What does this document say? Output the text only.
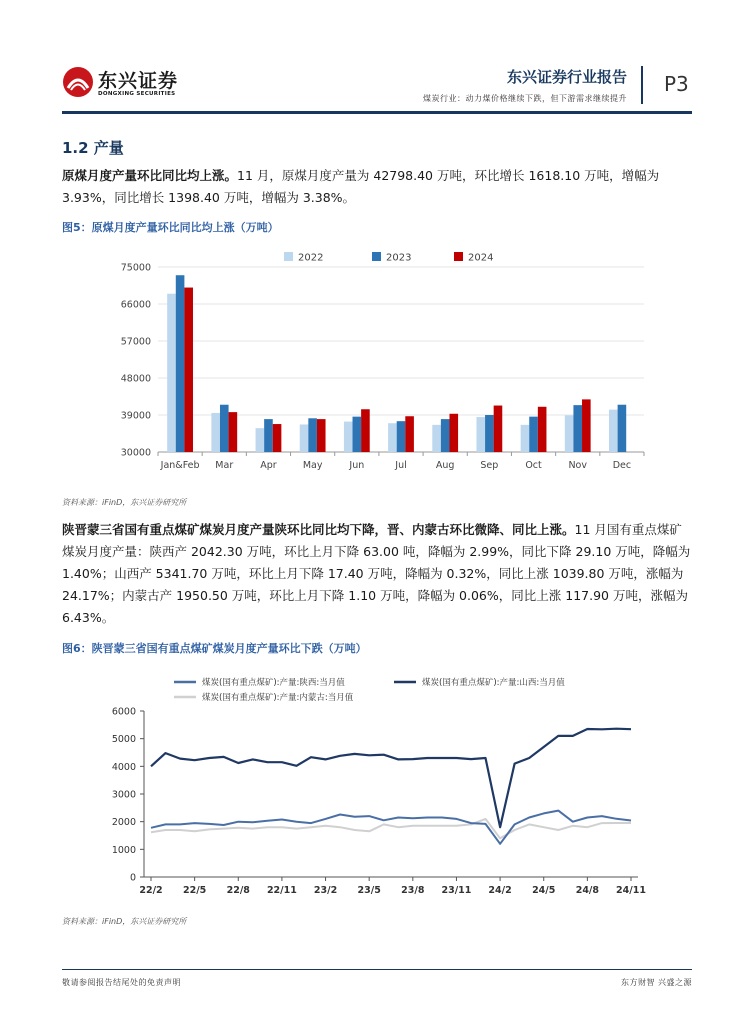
东兴证券
DONGXING SECURITIES
东兴证券行业报告
煤炭行业：动力煤价格继续下跌，但下游需求继续提升
P3
1.2 产量
原煤月度产量环比同比均上涨。11 月，原煤月度产量为 42798.40 万吨，环比增长 1618.10 万吨，增幅为 3.93%，同比增长 1398.40 万吨，增幅为 3.38%。
图5：原煤月度产量环比同比均上涨（万吨）
30000
39000
48000
57000
66000
75000
Jan&Feb Mar	Apr	May	Jun	Jul	Aug	Sep	Oct	Nov	Dec
2022	2023	2024
资料来源：iFinD，东兴证券研究所
陕晋蒙三省国有重点煤矿煤炭月度产量陕环比同比均下降，晋、内蒙古环比微降、同比上涨。11 月国有重点煤矿煤炭月度产量：陕西产 2042.30 万吨，环比上月下降 63.00 吨，降幅为 2.99%，同比下降 29.10 万吨，降幅为 1.40%；山西产 5341.70 万吨，环比上月下降 17.40 万吨，降幅为 0.32%，同比上涨 1039.80 万吨，涨幅为 24.17%；内蒙古产 1950.50 万吨，环比上月下降 1.10 万吨，降幅为 0.06%，同比上涨 117.90 万吨，涨幅为 6.43%。
图6：陕晋蒙三省国有重点煤矿煤炭月度产量环比下跌（万吨）
0
1000
2000
3000
4000
5000
6000
22/2 22/5 22/8 22/11 23/2 23/5 23/8 23/11 24/2 24/5 24/8 24/11
煤炭(国有重点煤矿):产量:陕西:当月值	煤炭(国有重点煤矿):产量:山西:当月值
煤炭(国有重点煤矿):产量:内蒙古:当月值
资料来源：iFinD，东兴证券研究所
敬请参阅报告结尾处的免责声明	东方财智 兴盛之源
